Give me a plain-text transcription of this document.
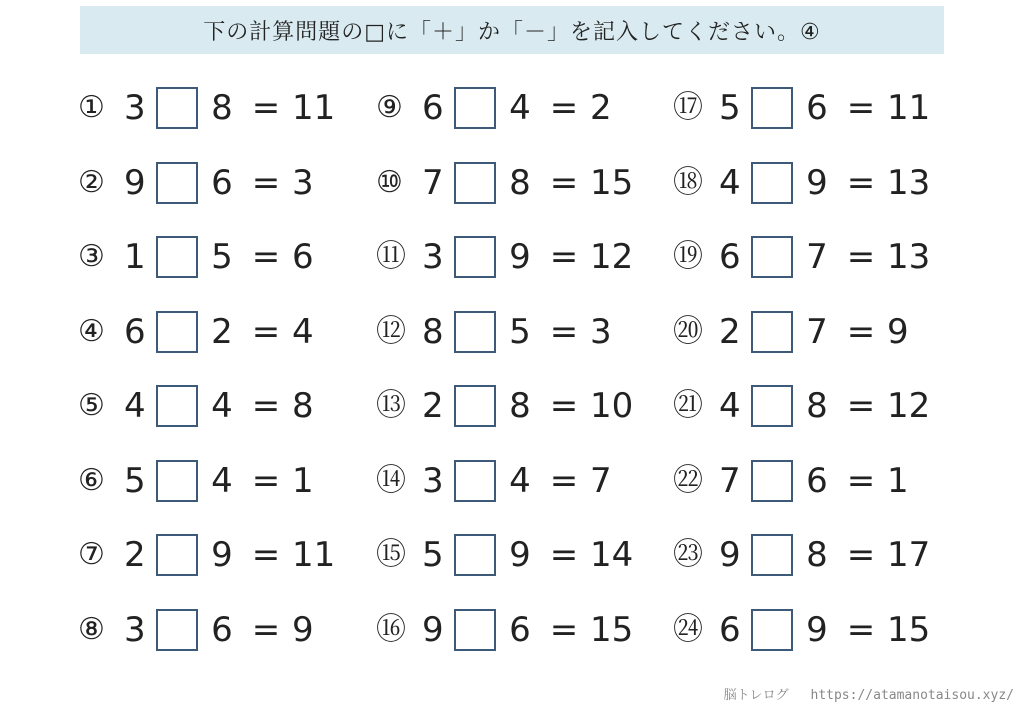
下の計算問題の□に「＋」か「－」を記入してください。④
① 3	8 = 11
② 9	6 = 3
③ 1	5 = 6
④ 6	2 = 4
⑤ 4	4 = 8
⑥ 5	4 = 1
⑦ 2	9 = 11
⑧ 3	6 = 9
⑨ 6	4 = 2
⑩ 7	8 = 15
⑪ 3	9 = 12
⑫ 8	5 = 3
⑬ 2	8 = 10
⑭ 3	4 = 7
⑮ 5	9 = 14
⑯ 9	6 = 15
⑰ 5	6 = 11
⑱ 4	9 = 13
⑲ 6	7 = 13
⑳ 2	7 = 9
㉑ 4	8 = 12
㉒ 7	6 = 1
㉓ 9	8 = 17
㉔ 6	9 = 15
脳トレログ https://atamanotaisou.xyz/
